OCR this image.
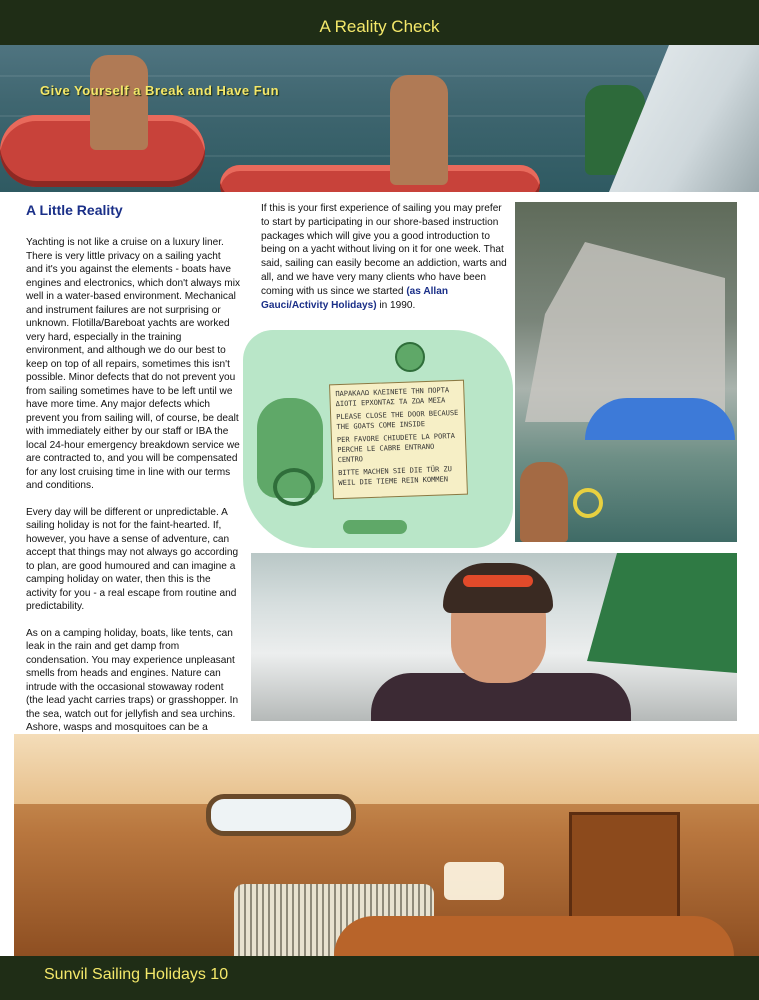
A Reality Check
Give Yourself a Break and Have Fun
A Little Reality

Yachting is not like a cruise on a luxury liner. There is very little privacy on a sailing yacht and it's you against the elements - boats have engines and electronics, which don't always mix well in a water-based environment. Mechanical and instrument failures are not surprising or unknown. Flotilla/Bareboat yachts are worked very hard, especially in the training environment, and although we do our best to keep on top of all repairs, sometimes this isn't possible. Minor defects that do not prevent you from sailing sometimes have to be left until we have more time. Any major defects which prevent you from sailing will, of course, be dealt with immediately either by our staff or IBA the local 24-hour emergency breakdown service we are contracted to, and you will be compensated for any lost cruising time in line with our terms and conditions.

Every day will be different or unpredictable. A sailing holiday is not for the faint-hearted. If, however, you have a sense of adventure, can accept that things may not always go according to plan, are good humoured and can imagine a camping holiday on water, then this is the activity for you - a real escape from routine and predictability.

As on a camping holiday, boats, like tents, can leak in the rain and get damp from condensation. You may experience unpleasant smells from heads and engines. Nature can intrude with the occasional stowaway rodent (the lead yacht carries traps) or grasshopper. In the sea, watch out for jellyfish and sea urchins. Ashore, wasps and mosquitoes can be a

If this is your first experience of sailing you may prefer to start by participating in our shore-based instruction packages which will give you a good introduction to being on a yacht without living on it for one week. That said, sailing can easily become an addiction, warts and all, and we have very many clients who have been coming with us since we started (as Allan Gauci/Activity Holidays) in 1990.

ΠΑΡΑΚΑΛΩ ΚΛΕΙΝΕΤΕ ΤΗΝ ΠΟΡΤΑ ΔΙΟΤΙ ΕΡΧΟΝΤΑΣ ΤΑ ΖΩΑ ΜΕΣΑ
PLEASE CLOSE THE DOOR BECAUSE THE GOATS COME INSIDE
PER FAVORE CHIUDETE LA PORTA PERCHE LE CABRE ENTRANO CENTRO
BITTE MACHEN SIE DIE TÜR ZU WEIL DIE TIEME REIN KOMMEN
Sunvil Sailing Holidays 10
